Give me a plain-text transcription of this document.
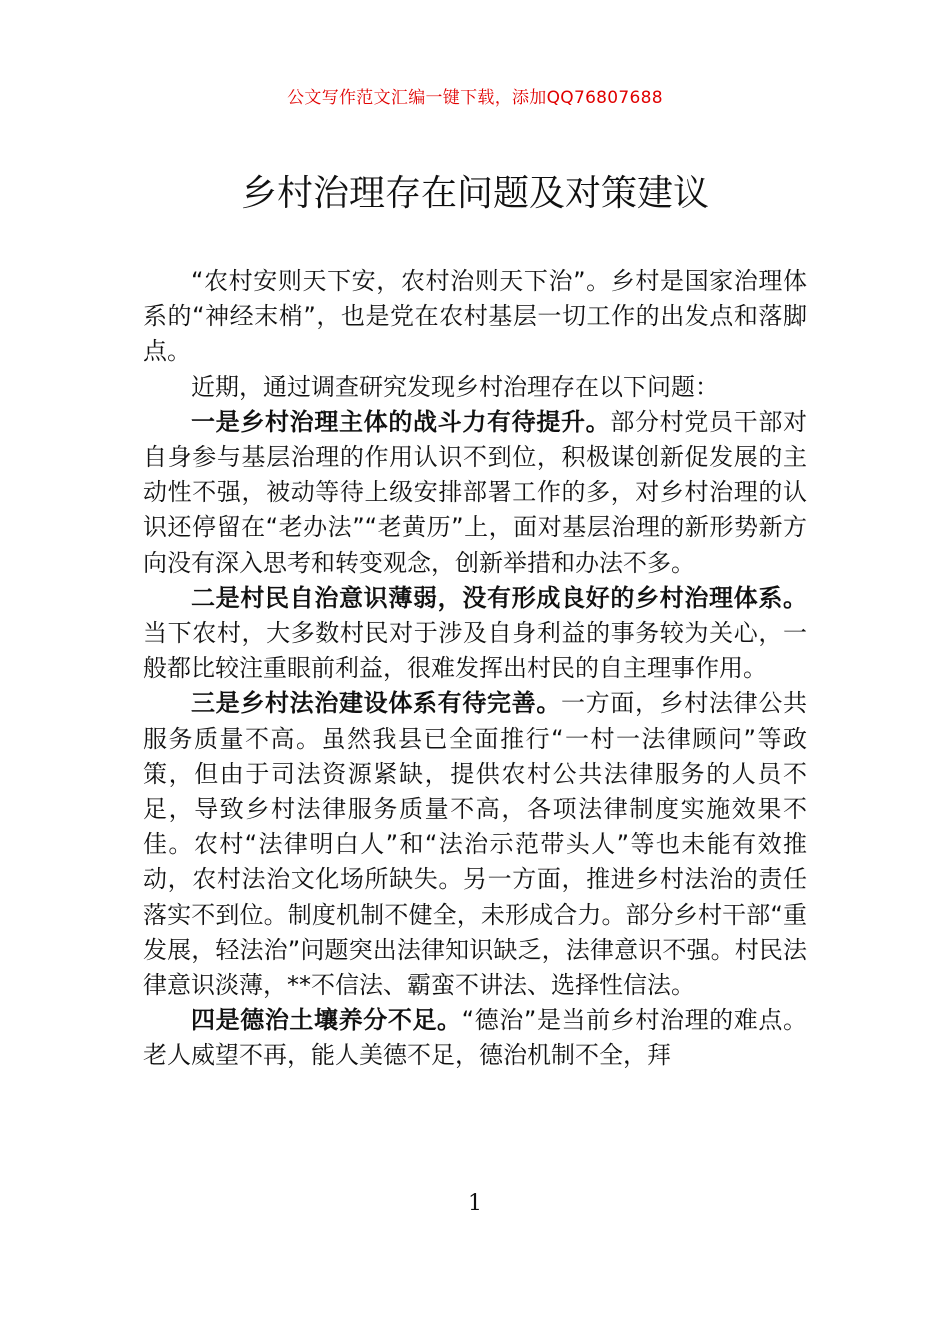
公文写作范文汇编一键下载，添加QQ76807688
乡村治理存在问题及对策建议

“农村安则天下安，农村治则天下治”。乡村是国家治理体系的“神经末梢”，也是党在农村基层一切工作的出发点和落脚点。

近期，通过调查研究发现乡村治理存在以下问题：

一是乡村治理主体的战斗力有待提升。部分村党员干部对自身参与基层治理的作用认识不到位，积极谋创新促发展的主动性不强，被动等待上级安排部署工作的多，对乡村治理的认识还停留在“老办法”“老黄历”上，面对基层治理的新形势新方向没有深入思考和转变观念，创新举措和办法不多。

二是村民自治意识薄弱，没有形成良好的乡村治理体系。当下农村，大多数村民对于涉及自身利益的事务较为关心，一般都比较注重眼前利益，很难发挥出村民的自主理事作用。

三是乡村法治建设体系有待完善。一方面，乡村法律公共服务质量不高。虽然我县已全面推行“一村一法律顾问”等政策，但由于司法资源紧缺，提供农村公共法律服务的人员不足，导致乡村法律服务质量不高，各项法律制度实施效果不佳。农村“法律明白人”和“法治示范带头人”等也未能有效推动，农村法治文化场所缺失。另一方面，推进乡村法治的责任落实不到位。制度机制不健全，未形成合力。部分乡村干部“重发展，轻法治”问题突出法律知识缺乏，法律意识不强。村民法律意识淡薄，**不信法、霸蛮不讲法、选择性信法。

四是德治土壤养分不足。“德治”是当前乡村治理的难点。老人威望不再，能人美德不足，德治机制不全，拜

1
